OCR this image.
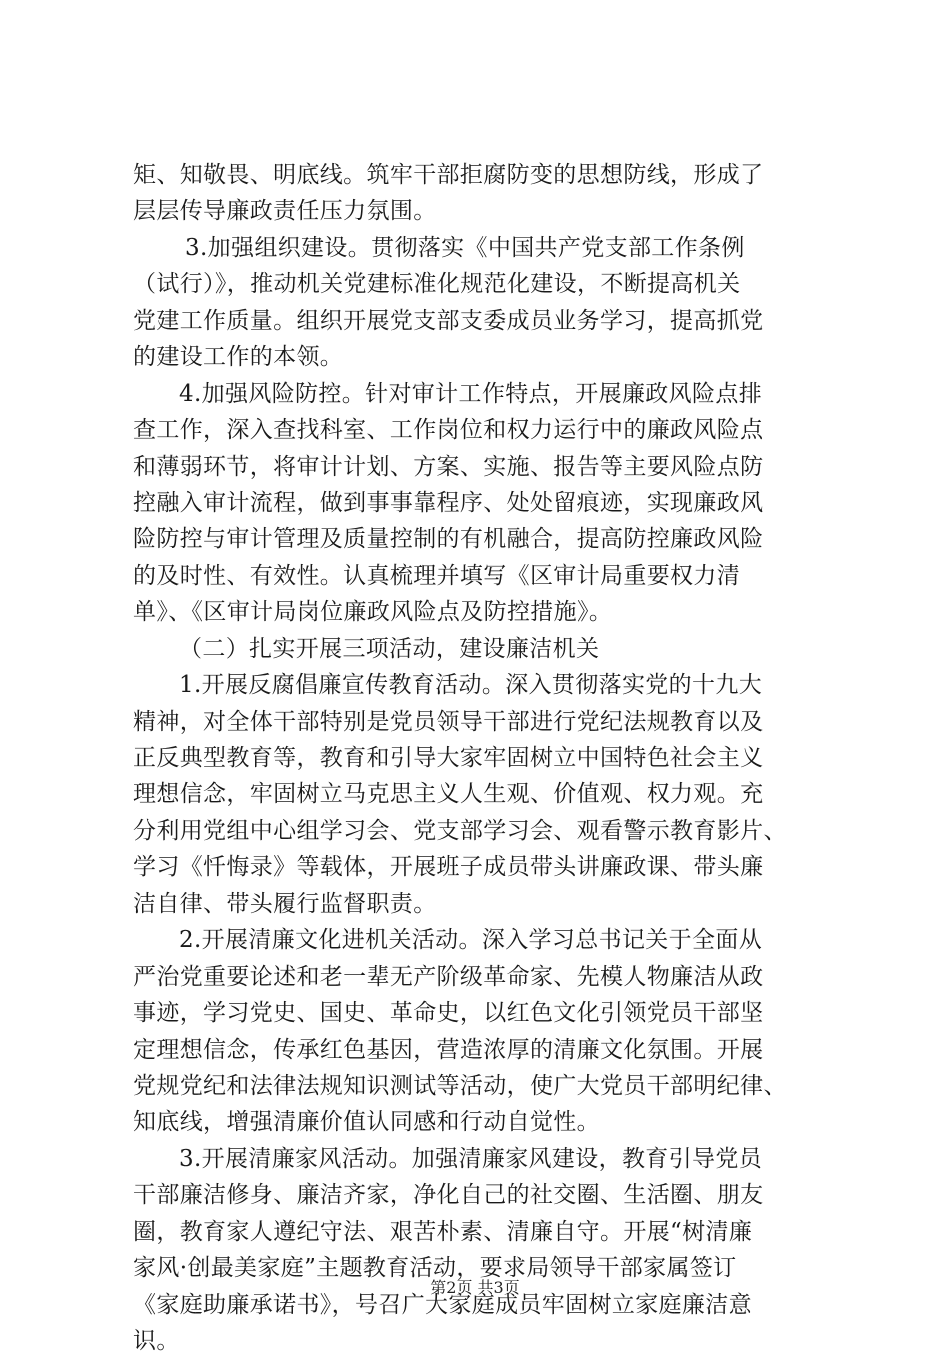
矩、知敬畏、明底线。筑牢干部拒腐防变的思想防线，形成了
层层传导廉政责任压力氛围。
3.加强组织建设。贯彻落实《中国共产党支部工作条例
（试行）》，推动机关党建标准化规范化建设，不断提高机关
党建工作质量。组织开展党支部支委成员业务学习，提高抓党
的建设工作的本领。
4.加强风险防控。针对审计工作特点，开展廉政风险点排
查工作，深入查找科室、工作岗位和权力运行中的廉政风险点
和薄弱环节，将审计计划、方案、实施、报告等主要风险点防
控融入审计流程，做到事事靠程序、处处留痕迹，实现廉政风
险防控与审计管理及质量控制的有机融合，提高防控廉政风险
的及时性、有效性。认真梳理并填写《区审计局重要权力清
单》、《区审计局岗位廉政风险点及防控措施》。
（二）扎实开展三项活动，建设廉洁机关
1.开展反腐倡廉宣传教育活动。深入贯彻落实党的十九大
精神，对全体干部特别是党员领导干部进行党纪法规教育以及
正反典型教育等，教育和引导大家牢固树立中国特色社会主义
理想信念，牢固树立马克思主义人生观、价值观、权力观。充
分利用党组中心组学习会、党支部学习会、观看警示教育影片、
学习《忏悔录》等载体，开展班子成员带头讲廉政课、带头廉
洁自律、带头履行监督职责。
2.开展清廉文化进机关活动。深入学习总书记关于全面从
严治党重要论述和老一辈无产阶级革命家、先模人物廉洁从政
事迹，学习党史、国史、革命史，以红色文化引领党员干部坚
定理想信念，传承红色基因，营造浓厚的清廉文化氛围。开展
党规党纪和法律法规知识测试等活动，使广大党员干部明纪律、
知底线，增强清廉价值认同感和行动自觉性。
3.开展清廉家风活动。加强清廉家风建设，教育引导党员
干部廉洁修身、廉洁齐家，净化自己的社交圈、生活圈、朋友
圈，教育家人遵纪守法、艰苦朴素、清廉自守。开展“树清廉
家风·创最美家庭”主题教育活动，要求局领导干部家属签订
《家庭助廉承诺书》，号召广大家庭成员牢固树立家庭廉洁意
识。
第2页 共3页
